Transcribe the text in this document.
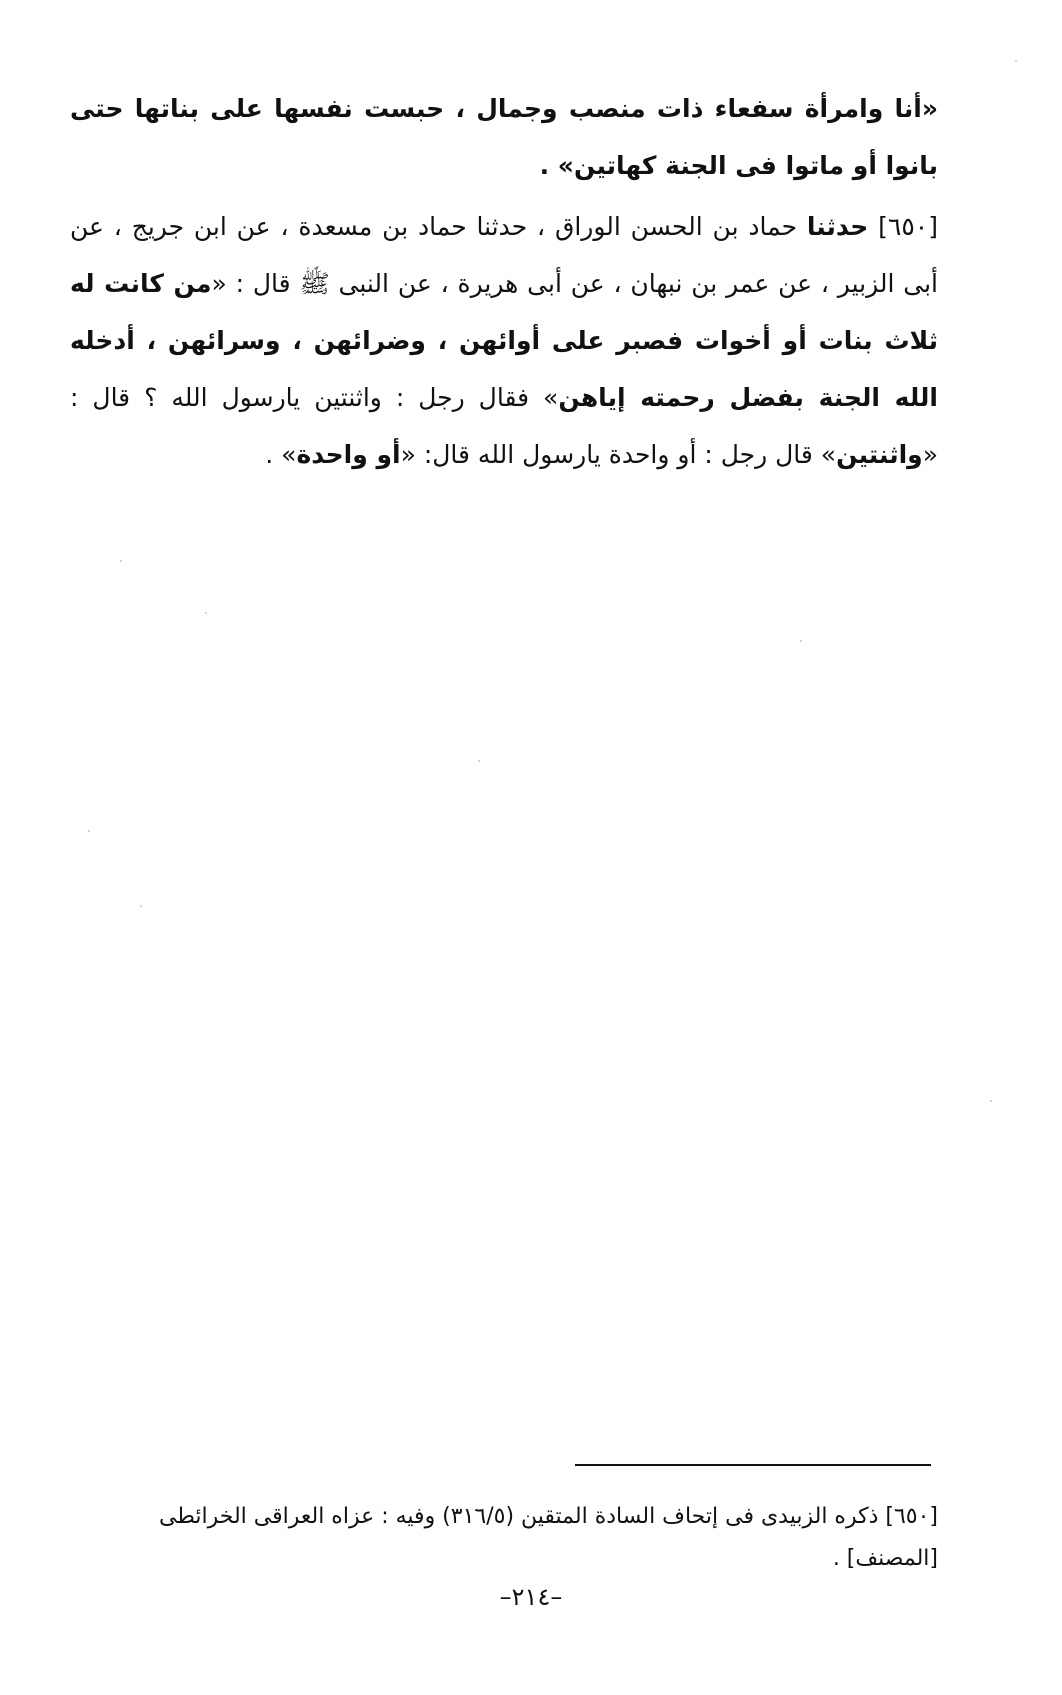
«أنا وامرأة سفعاء ذات منصب وجمال ، حبست نفسها على بناتها حتى بانوا أو ماتوا فى الجنة كهاتين» .

[٦٥٠] حدثنا حماد بن الحسن الوراق ، حدثنا حماد بن مسعدة ، عن ابن جريج ، عن أبى الزبير ، عن عمر بن نبهان ، عن أبى هريرة ، عن النبى ﷺ قال : «من كانت له ثلاث بنات أو أخوات فصبر على أوائهن ، وضرائهن ، وسرائهن ، أدخله الله الجنة بفضل رحمته إياهن» فقال رجل : واثنتين يارسول الله ؟ قال : «واثنتين» قال رجل : أو واحدة يارسول الله قال: «أو واحدة» .

[٦٥٠] ذكره الزبيدى فى إتحاف السادة المتقين (٣١٦/٥) وفيه : عزاه العراقى الخرائطى

[المصنف] .

–٢١٤–
